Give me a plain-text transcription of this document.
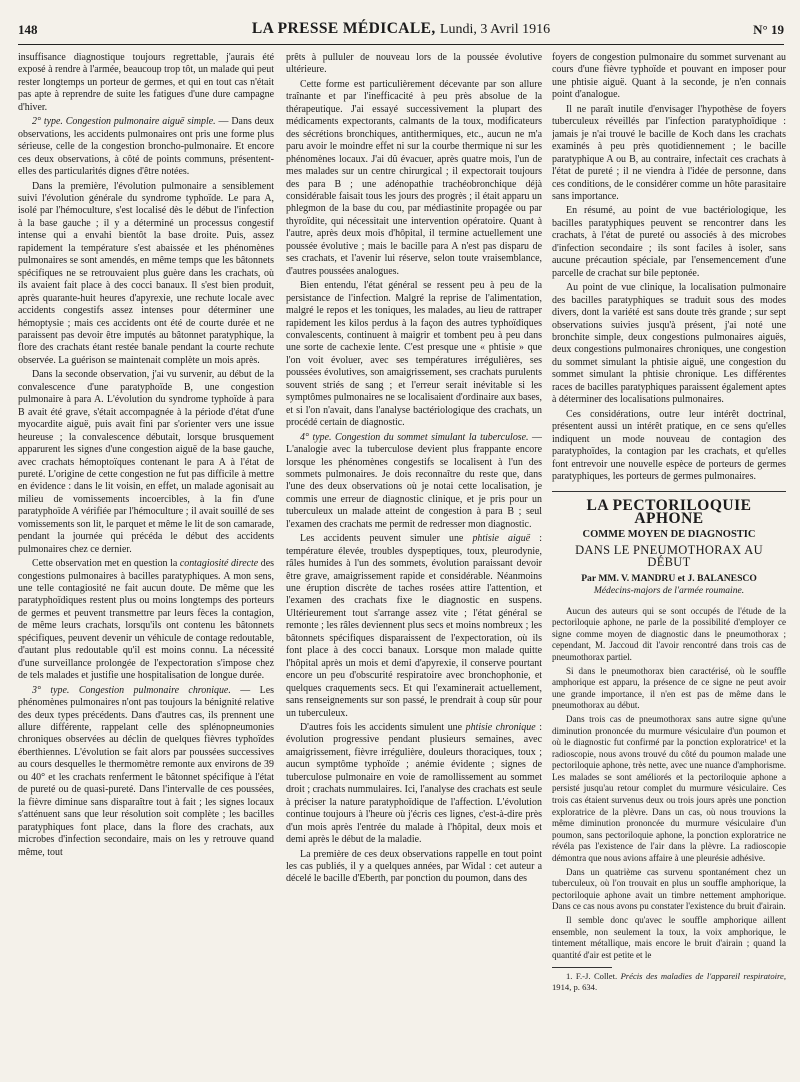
148	LA PRESSE MÉDICALE, Lundi, 3 Avril 1916	N° 19

insuffisance diagnostique toujours regrettable, j'aurais été exposé à rendre à l'armée, beaucoup trop tôt, un malade qui peut rester longtemps un porteur de germes, et qui en tout cas n'était pas apte à reprendre de suite les fatigues d'une dure campagne d'hiver.

2° type. Congestion pulmonaire aiguë simple. — Dans deux observations, les accidents pulmonaires ont pris une forme plus sérieuse, celle de la congestion broncho-pulmonaire. Et encore ces deux observations, à côté de points communs, présentent-elles des particularités dignes d'être notées.

Dans la première, l'évolution pulmonaire a sensiblement suivi l'évolution générale du syndrome typhoïde. Le para A, isolé par l'hémoculture, s'est localisé dès le début de l'infection à la base gauche ; il y a déterminé un processus congestif intense qui a envahi bientôt la base droite. Puis, assez rapidement la température s'est abaissée et les phénomènes pulmonaires se sont amendés, en même temps que les bâtonnets spécifiques ne se retrouvaient plus guère dans les crachats, où ils avaient fait place à des cocci banaux. Il s'est bien produit, après quarante-huit heures d'apyrexie, une rechute locale avec accidents congestifs assez intenses pour déterminer une hémoptysie ; mais ces accidents ont été de courte durée et ne paraissent pas devoir être imputés au bâtonnet paratyphique, la flore des crachats étant restée banale pendant la courte rechute observée. La guérison se maintenait complète un mois après.

Dans la seconde observation, j'ai vu survenir, au début de la convalescence d'une paratyphoïde B, une congestion pulmonaire à para A. L'évolution du syndrome typhoïde à para B avait été grave, s'était accompagnée à la période d'état d'une myocardite aiguë, puis avait fini par s'orienter vers une issue heureuse ; la convalescence débutait, lorsque brusquement apparurent les signes d'une congestion aiguë de la base gauche, avec crachats hémoptoïques contenant le para A à l'état de pureté. L'origine de cette congestion ne fut pas difficile à mettre en évidence : dans le lit voisin, en effet, un malade agonisait au milieu de vomissements incoercibles, à la fin d'une paratyphoïde A vérifiée par l'hémoculture ; il avait souillé de ses vomissements son lit, le parquet et même le lit de son camarade, pendant la journée qui précéda le début des accidents pulmonaires chez ce dernier.

Cette observation met en question la contagiosité directe des congestions pulmonaires à bacilles paratyphiques. A mon sens, une telle contagiosité ne fait aucun doute. De même que les paratyphoïdiques restent plus ou moins longtemps des porteurs de germes et peuvent transmettre par leurs fèces la contagion, de même leurs crachats, lorsqu'ils ont contenu les bâtonnets spécifiques, peuvent devenir un véhicule de contage redoutable, d'autant plus redoutable qu'il est moins connu. La nécessité d'une surveillance prolongée de l'expectoration s'impose chez de tels malades et justifie une hospitalisation de longue durée.

3° type. Congestion pulmonaire chronique. — Les phénomènes pulmonaires n'ont pas toujours la bénignité relative des deux types précédents. Dans d'autres cas, ils prennent une allure différente, rappelant celle des splénopneumonies chroniques observées au déclin de quelques fièvres typhoïdes éberthiennes. L'évolution se fait alors par poussées successives au cours desquelles le thermomètre remonte aux environs de 39 ou 40° et les crachats renferment le bâtonnet spécifique à l'état de pureté ou de quasi-pureté. Dans l'intervalle de ces poussées, la fièvre diminue sans disparaître tout à fait ; les signes locaux s'atténuent sans que leur résolution soit complète ; les bacilles paratyphiques font place, dans la flore des crachats, aux microbes d'infection secondaire, mais on les y retrouve quand même, tout

prêts à pulluler de nouveau lors de la poussée évolutive ultérieure.

Cette forme est particulièrement décevante par son allure traînante et par l'inefficacité à peu près absolue de la thérapeutique. J'ai essayé successivement la plupart des médicaments expectorants, calmants de la toux, modificateurs des sécrétions bronchiques, antithermiques, etc., aucun ne m'a paru avoir le moindre effet ni sur la courbe thermique ni sur les phénomènes locaux. J'ai dû évacuer, après quatre mois, l'un de mes malades sur un centre chirurgical ; il expectorait toujours des para B ; une adénopathie trachéobronchique déjà considérable faisait tous les jours des progrès ; il était apparu un phlegmon de la base du cou, par médiastinite propagée ou par thyroïdite, qui nécessitait une intervention opératoire. Quant à l'autre, après deux mois d'hôpital, il termine actuellement une poussée évolutive ; mais le bacille para A n'est pas disparu de ses crachats, et l'avenir lui réserve, selon toute vraisemblance, d'autres poussées analogues.

Bien entendu, l'état général se ressent peu à peu de la persistance de l'infection. Malgré la reprise de l'alimentation, malgré le repos et les toniques, les malades, au lieu de rattraper rapidement les kilos perdus à la façon des autres typhoïdiques convalescents, continuent à maigrir et tombent peu à peu dans une sorte de cachexie lente. C'est presque une « phtisie » que l'on voit évoluer, avec ses températures irrégulières, ses poussées évolutives, son amaigrissement, ses crachats purulents souvent striés de sang ; et l'erreur serait inévitable si les symptômes pulmonaires ne se localisaient d'ordinaire aux bases, et si l'on n'avait, dans l'analyse bactériologique des crachats, un procédé certain de diagnostic.

4° type. Congestion du sommet simulant la tuberculose. — L'analogie avec la tuberculose devient plus frappante encore lorsque les phénomènes congestifs se localisent à l'un des sommets pulmonaires. Je dois reconnaître du reste que, dans l'une des deux observations où je notai cette localisation, je commis une erreur de diagnostic clinique, et je pris pour un tuberculeux un malade atteint de congestion à para B ; seul l'examen des crachats me permit de redresser mon diagnostic.

Les accidents peuvent simuler une phtisie aiguë : température élevée, troubles dyspeptiques, toux, pleurodynie, râles humides à l'un des sommets, évolution paraissant devoir être grave, amaigrissement rapide et considérable. Néanmoins une éruption discrète de taches rosées attire l'attention, et l'examen des crachats fixe le diagnostic en suspens. Ultérieurement tout s'arrange assez vite ; l'état général se remonte ; les râles deviennent plus secs et moins nombreux ; les bâtonnets spécifiques disparaissent de l'expectoration, où ils font place à des cocci banaux. Lorsque mon malade quitte l'hôpital après un mois et demi d'apyrexie, il conserve pourtant encore un peu d'obscurité respiratoire avec bronchophonie, et quelques craquements secs. Et qui l'examinerait actuellement, sans renseignements sur son passé, le prendrait à coup sûr pour un tuberculeux.

D'autres fois les accidents simulent une phtisie chronique : évolution progressive pendant plusieurs semaines, avec amaigrissement, fièvre irrégulière, douleurs thoraciques, toux ; aucun symptôme typhoïde ; anémie évidente ; signes de tuberculose pulmonaire en voie de ramollissement au sommet droit ; crachats nummulaires. Ici, l'analyse des crachats est seule à préciser la nature paratyphoïdique de l'affection. L'évolution continue toujours à l'heure où j'écris ces lignes, c'est-à-dire près d'un mois après l'entrée du malade à l'hôpital, deux mois et demi après le début de la maladie.

La première de ces deux observations rappelle en tout point les cas publiés, il y a quelques années, par Widal : cet auteur a décelé le bacille d'Eberth, par ponction du poumon, dans des

foyers de congestion pulmonaire du sommet survenant au cours d'une fièvre typhoïde et pouvant en imposer pour une phtisie aiguë. Quant à la seconde, je n'en connais point d'analogue.

Il ne paraît inutile d'envisager l'hypothèse de foyers tuberculeux réveillés par l'infection paratyphoïdique : jamais je n'ai trouvé le bacille de Koch dans les crachats examinés à peu près quotidiennement ; le bacille paratyphique A ou B, au contraire, infectait ces crachats à l'état de pureté ; il ne viendra à l'idée de personne, dans ces conditions, de le considérer comme un hôte parasitaire sans importance.

En résumé, au point de vue bactériologique, les bacilles paratyphiques peuvent se rencontrer dans les crachats, à l'état de pureté ou associés à des microbes d'infection secondaire ; ils sont faciles à isoler, sans aucune précaution spéciale, par l'ensemencement d'une parcelle de crachat sur bile peptonée.

Au point de vue clinique, la localisation pulmonaire des bacilles paratyphiques se traduit sous des modes divers, dont la variété est sans doute très grande ; sur sept observations suivies jusqu'à présent, j'ai noté une bronchite simple, deux congestions pulmonaires aiguës, deux congestions pulmonaires chroniques, une congestion du sommet simulant la phtisie aiguë, une congestion du sommet simulant la phtisie chronique. Les différentes races de bacilles paratyphiques paraissent également aptes à déterminer des localisations pulmonaires.

Ces considérations, outre leur intérêt doctrinal, présentent aussi un intérêt pratique, en ce sens qu'elles indiquent un mode nouveau de contagion des paratyphoïdes, la contagion par les crachats, et qu'elles font entrevoir une nouvelle espèce de porteurs de germes paratyphiques, les porteurs de germes pulmonaires.

LA PECTORILOQUIE APHONE
COMME MOYEN DE DIAGNOSTIC
DANS LE PNEUMOTHORAX AU DÉBUT
Par MM. V. MANDRU et J. BALANESCO
Médecins-majors de l'armée roumaine.

Aucun des auteurs qui se sont occupés de l'étude de la pectoriloquie aphone, ne parle de la possibilité d'employer ce signe comme moyen de diagnostic dans le pneumothorax ; cependant, M. Jaccoud dit l'avoir rencontré dans trois cas de pneumothorax partiel.

Si dans le pneumothorax bien caractérisé, où le souffle amphorique est apparu, la présence de ce signe ne peut avoir une grande importance, il n'en est pas de même dans le pneumothorax au début.

Dans trois cas de pneumothorax sans autre signe qu'une diminution prononcée du murmure vésiculaire d'un poumon et où le diagnostic fut confirmé par la ponction exploratrice¹ et la radioscopie, nous avons trouvé du côté du poumon malade une pectoriloquie aphone, très nette, avec une nuance d'amphorisme. Les malades se sont améliorés et la pectoriloquie aphone a persisté jusqu'au retour complet du murmure vésiculaire. Ces trois cas étaient survenus deux ou trois jours après une ponction exploratrice de la plèvre. Dans un cas, où nous trouvions la même diminution prononcée du murmure vésiculaire d'un poumon, sans pectoriloquie aphone, la ponction exploratrice ne révéla pas l'existence de l'air dans la plèvre. La radioscopie démontra que nous avions affaire à une pleurésie adhésive.

Dans un quatrième cas survenu spontanément chez un tuberculeux, où l'on trouvait en plus un souffle amphorique, la pectoriloquie aphone avait un timbre nettement amphorique. Dans ce cas nous avons pu constater l'existence du bruit d'airain.

Il semble donc qu'avec le souffle amphorique aillent ensemble, non seulement la toux, la voix amphorique, le tintement métallique, mais encore le bruit d'airain ; quand la quantité d'air est petite et le

1. F.-J. Collet. Précis des maladies de l'appareil respiratoire, 1914, p. 634.
